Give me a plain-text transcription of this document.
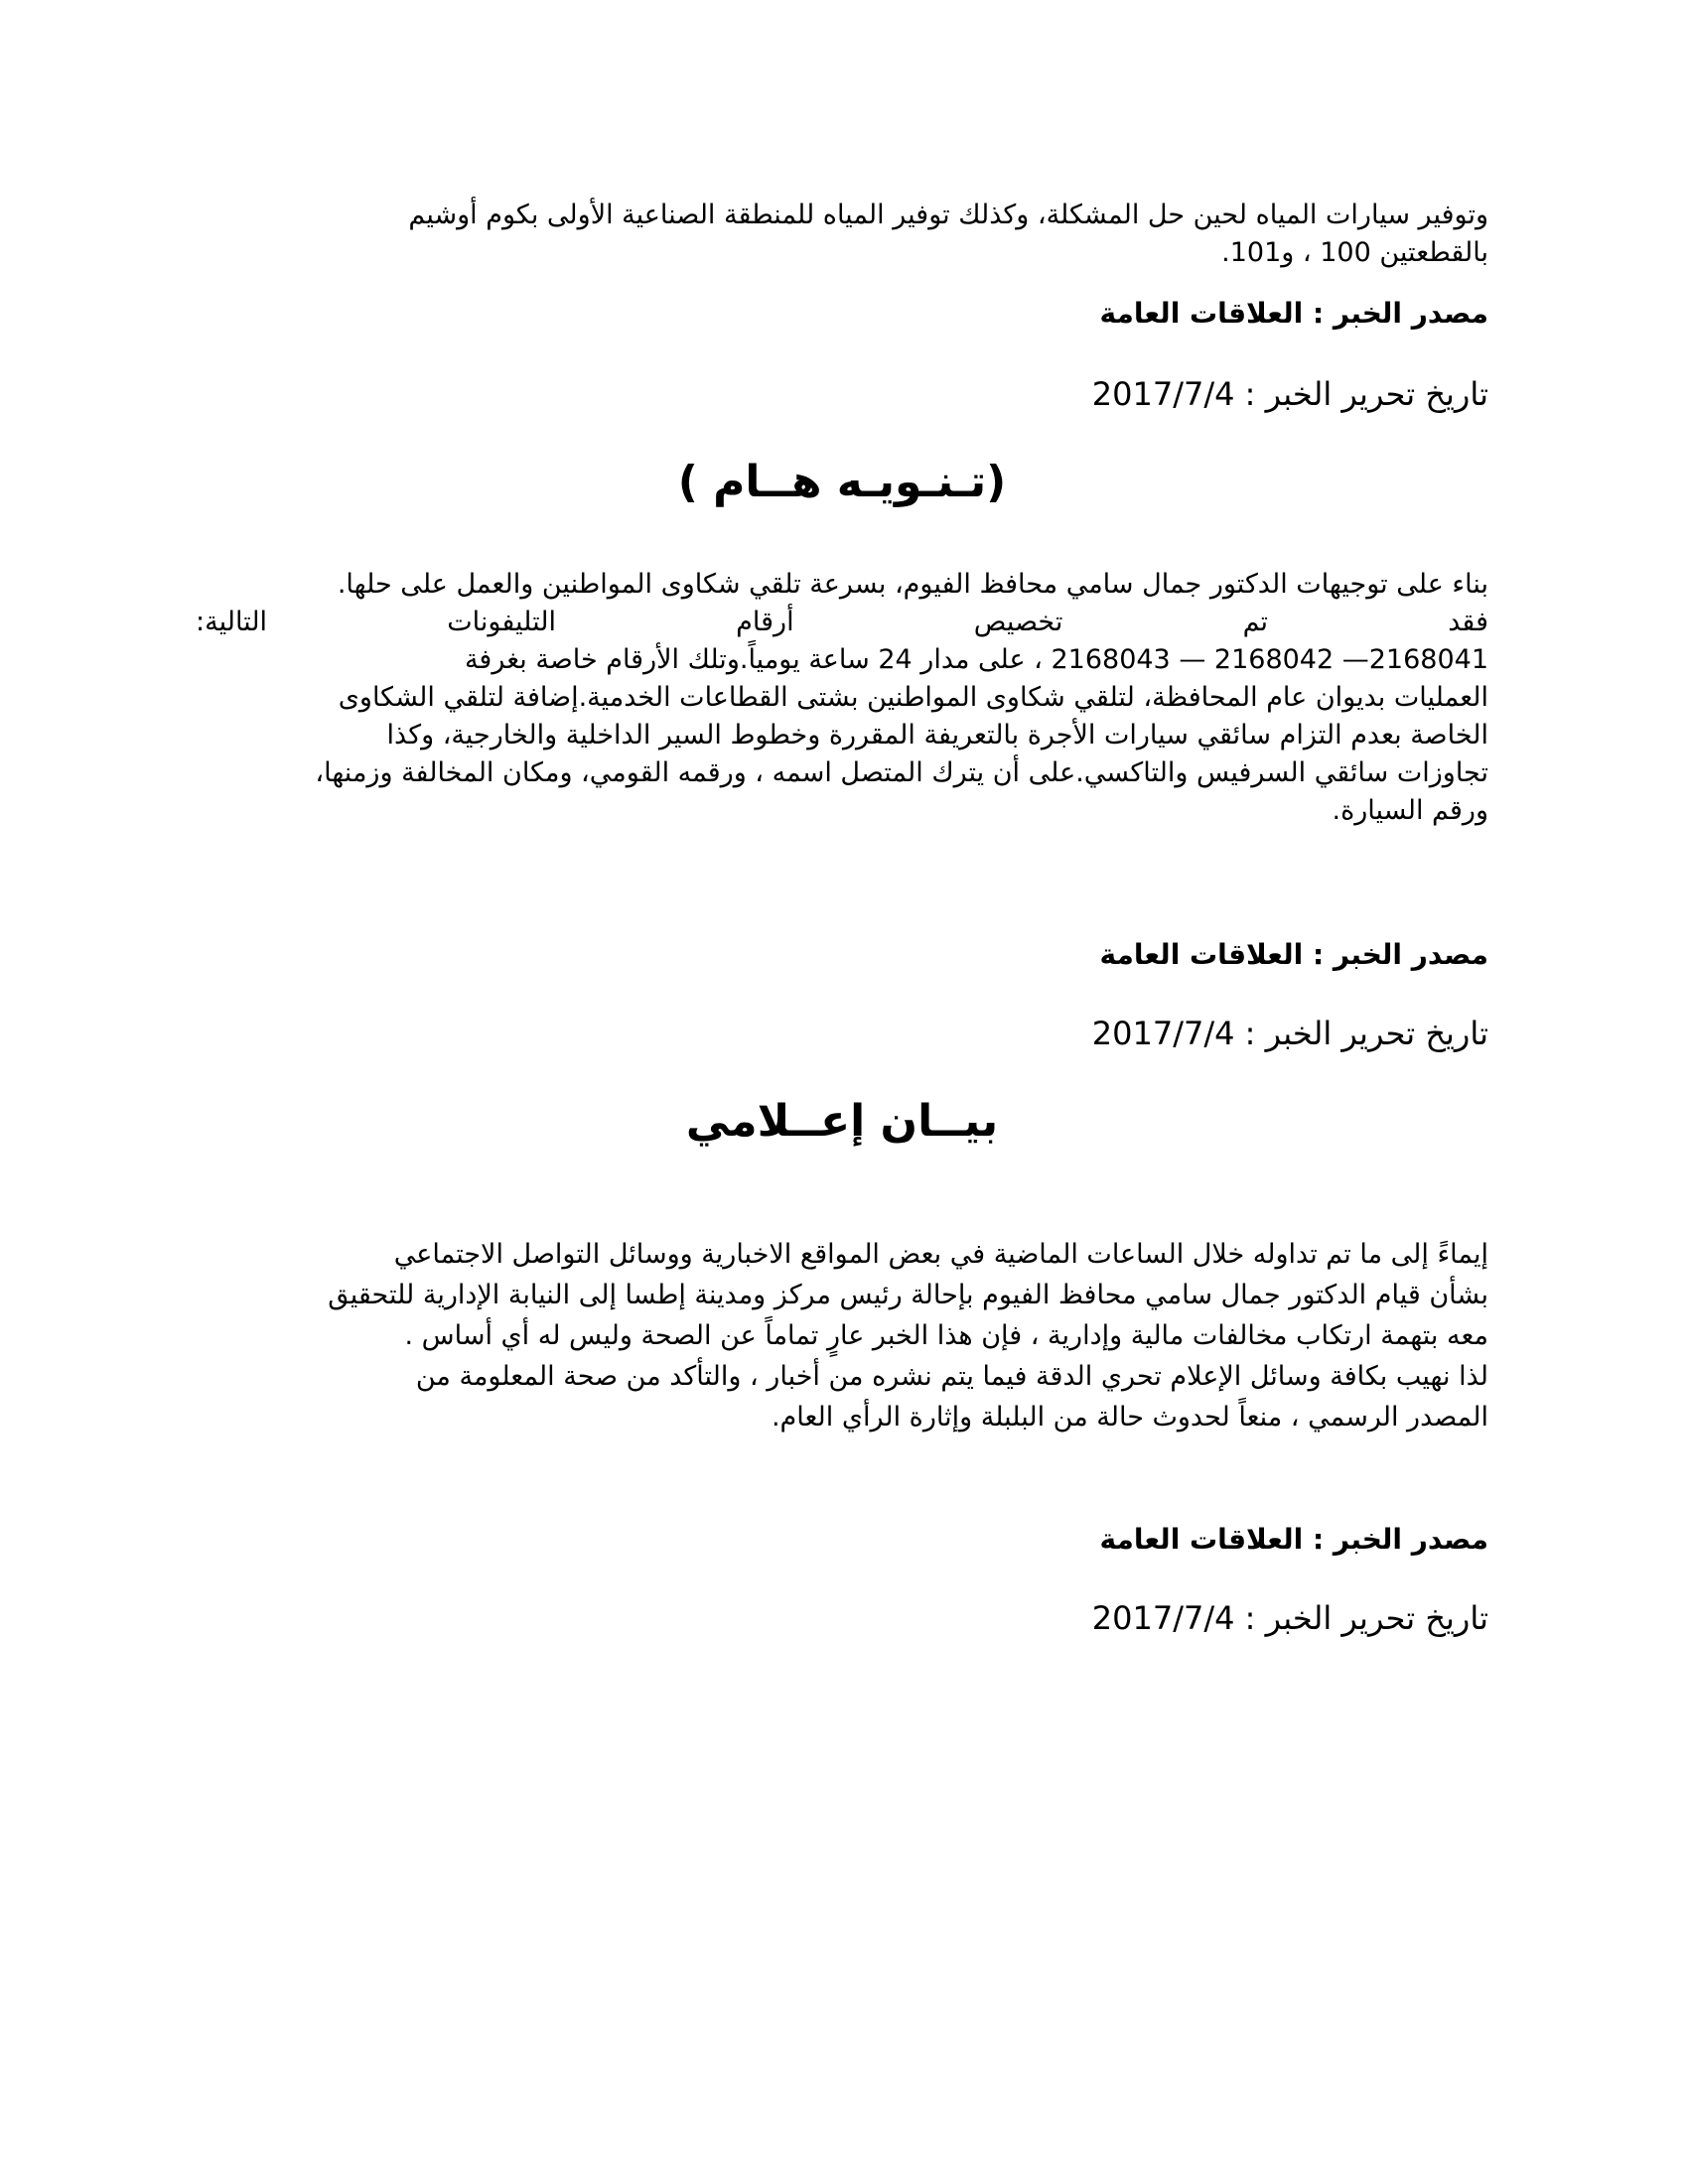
وتوفير سيارات المياه لحين حل المشكلة، وكذلك توفير المياه للمنطقة الصناعية الأولى بكوم أوشيم
بالقطعتين 100 ، و101.
مصدر الخبر : العلاقات العامة
تاريخ تحرير الخبر : 2017/7/4
(تـنـويـه هــام )
بناء على توجيهات الدكتور جمال سامي محافظ الفيوم، بسرعة تلقي شكاوى المواطنين والعمل على حلها.
فقد تم تخصيص أرقام التليفونات التالية:
2168041— 2168042 — 2168043 ، على مدار 24 ساعة يومياً.وتلك الأرقام خاصة بغرفة
العمليات بديوان عام المحافظة، لتلقي شكاوى المواطنين بشتى القطاعات الخدمية.إضافة لتلقي الشكاوى
الخاصة بعدم التزام سائقي سيارات الأجرة بالتعريفة المقررة وخطوط السير الداخلية والخارجية، وكذا
تجاوزات سائقي السرفيس والتاكسي.على أن يترك المتصل اسمه ، ورقمه القومي، ومكان المخالفة وزمنها،
ورقم السيارة.
مصدر الخبر : العلاقات العامة
تاريخ تحرير الخبر : 2017/7/4
بيــان إعــلامي
إيماءً إلى ما تم تداوله خلال الساعات الماضية في بعض المواقع الاخبارية ووسائل التواصل الاجتماعي
بشأن قيام الدكتور جمال سامي محافظ الفيوم بإحالة رئيس مركز ومدينة إطسا إلى النيابة الإدارية للتحقيق
معه بتهمة ارتكاب مخالفات مالية وإدارية ، فإن هذا الخبر عارٍ تماماً عن الصحة وليس له أي أساس .
لذا نهيب بكافة وسائل الإعلام تحري الدقة فيما يتم نشره من أخبار ، والتأكد من صحة المعلومة من
المصدر الرسمي ، منعاً لحدوث حالة من البلبلة وإثارة الرأي العام.
مصدر الخبر : العلاقات العامة
تاريخ تحرير الخبر : 2017/7/4
